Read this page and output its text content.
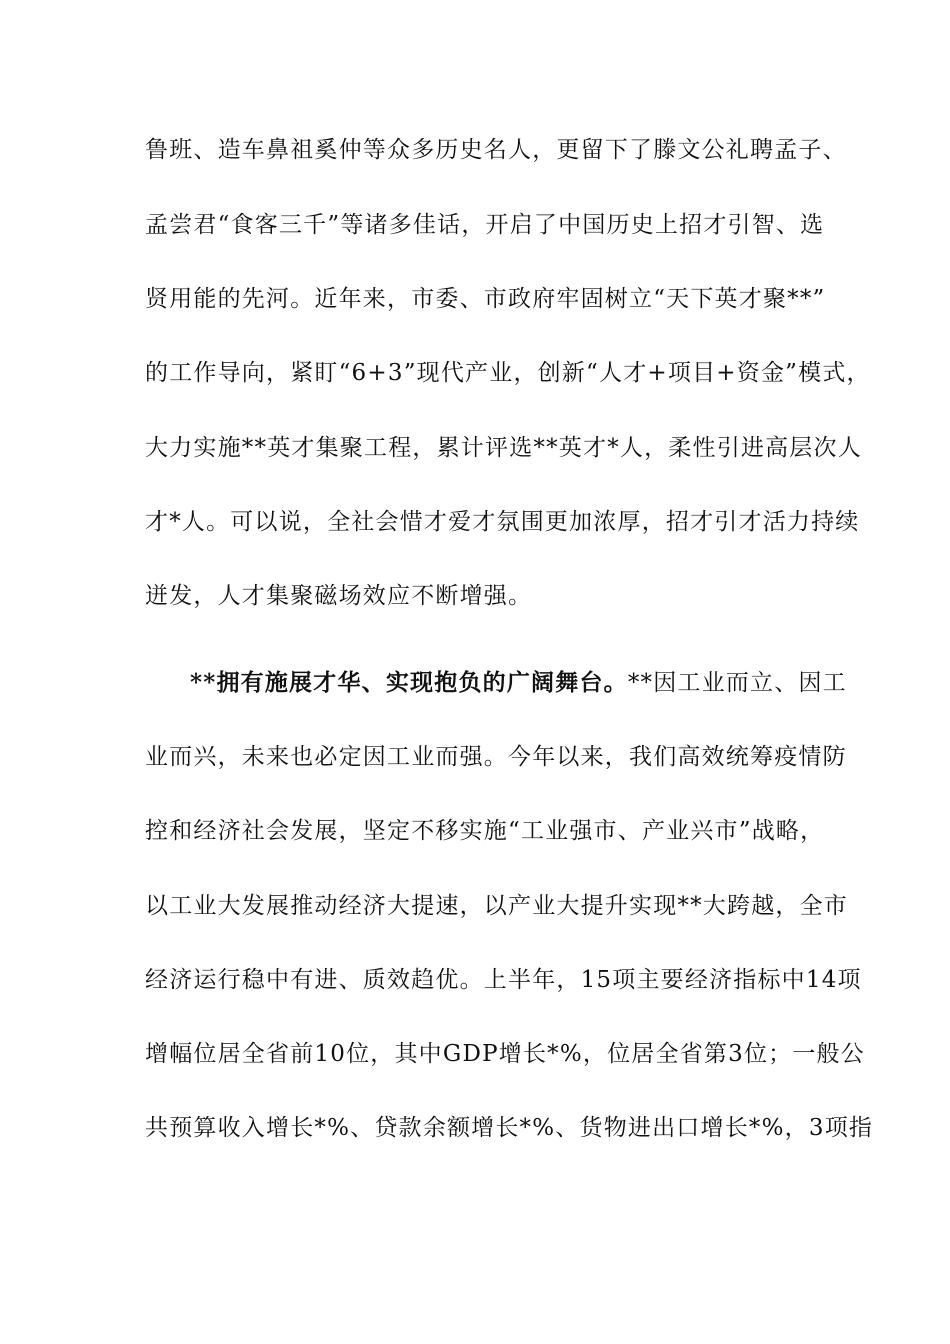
鲁班、造车鼻祖奚仲等众多历史名人，更留下了滕文公礼聘孟子、
孟尝君“食客三千”等诸多佳话，开启了中国历史上招才引智、选
贤用能的先河。近年来，市委、市政府牢固树立“天下英才聚**”
的工作导向，紧盯“6+3”现代产业，创新“人才+项目+资金”模式，
大力实施**英才集聚工程，累计评选**英才*人，柔性引进高层次人
才*人。可以说，全社会惜才爱才氛围更加浓厚，招才引才活力持续
迸发，人才集聚磁场效应不断增强。
**拥有施展才华、实现抱负的广阔舞台。**因工业而立、因工
业而兴，未来也必定因工业而强。今年以来，我们高效统筹疫情防
控和经济社会发展，坚定不移实施“工业强市、产业兴市”战略，
以工业大发展推动经济大提速，以产业大提升实现**大跨越，全市
经济运行稳中有进、质效趋优。上半年，15项主要经济指标中14项
增幅位居全省前10位，其中GDP增长*%，位居全省第3位；一般公
共预算收入增长*%、贷款余额增长*%、货物进出口增长*%，3项指
